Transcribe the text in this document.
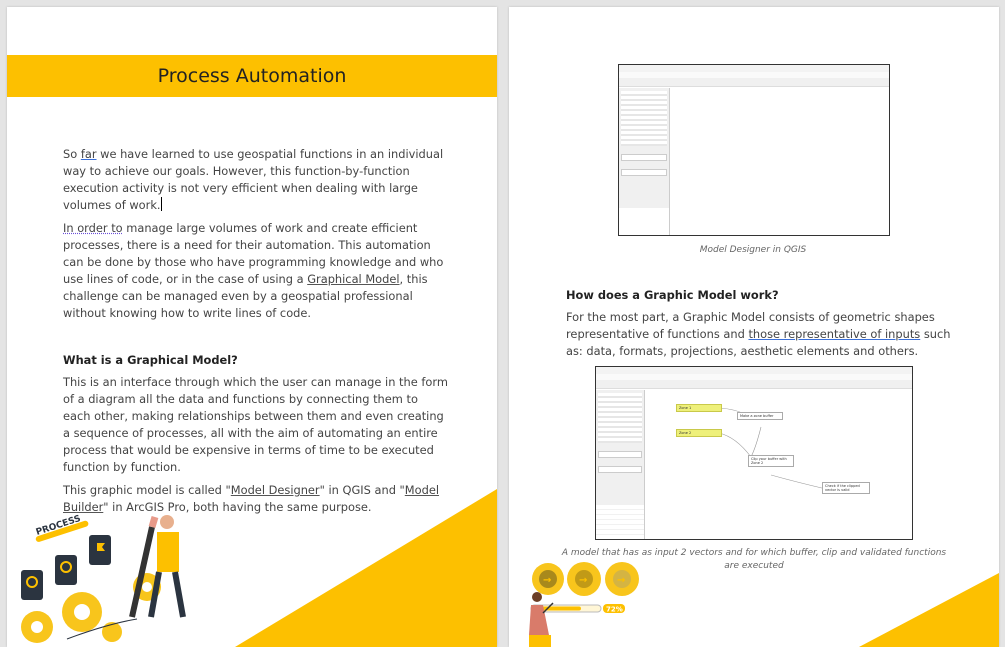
Process Automation

So far we have learned to use geospatial functions in an individual way to achieve our goals. However, this function-by-function execution activity is not very efficient when dealing with large volumes of work.

In order to manage large volumes of work and create efficient processes, there is a need for their automation. This automation can be done by those who have programming knowledge and who use lines of code, or in the case of using a Graphical Model, this challenge can be managed even by a geospatial professional without knowing how to write lines of code.

What is a Graphical Model?

This is an interface through which the user can manage in the form of a diagram all the data and functions by connecting them to each other, making relationships between them and even creating a sequence of processes, all with the aim of automating an entire process that would be expensive in terms of time to be executed function by function.

This graphic model is called "Model Designer" in QGIS and "Model Builder" in ArcGIS Pro, both having the same purpose.

PROCESS
Model Designer in QGIS
How does a Graphic Model work?

For the most part, a Graphic Model consists of geometric shapes representative of functions and those representative of inputs such as: data, formats, projections, aesthetic elements and others.

Zone 1
Zone 2
Make a zone buffer
Clip your buffer with Zone 2
Check if the clipped vector is valid
A model that has as input 2 vectors and for which buffer, clip and validated functions are executed
→	→	→
72%
